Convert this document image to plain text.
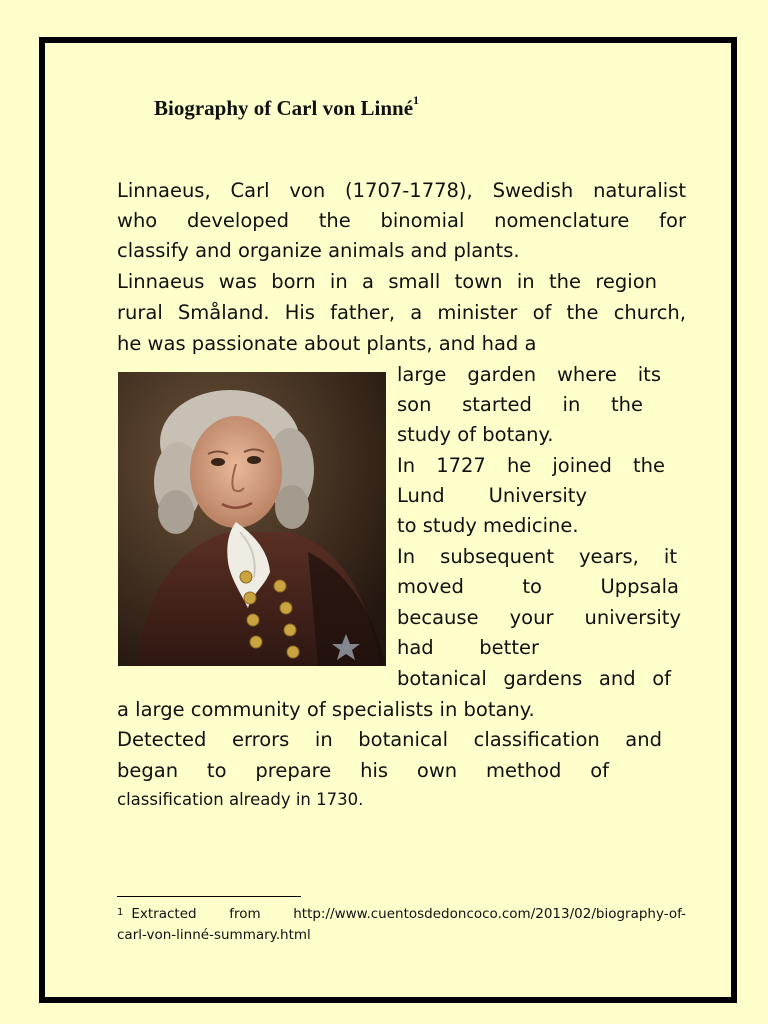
Biography of Carl von Linné$^1$
Linnaeus, Carl von (1707-1778), Swedish naturalist
who developed the binomial nomenclature for
classify and organize animals and plants.
Linnaeus was born in a small town in the region
rural Småland. His father, a minister of the church,
he was passionate about plants, and had a
large garden where its
son started in the
study of botany.
In 1727 he joined the
Lund University
to study medicine.
In subsequent years, it
moved to Uppsala
because your university
had better
botanical gardens and of
a large community of specialists in botany.
Detected errors in botanical classification and
began to prepare his own method of
classification already in 1730.
$^1$ Extracted from http://www.cuentosdedoncoco.com/2013/02/biography-of-
carl-von-linné-summary.html
